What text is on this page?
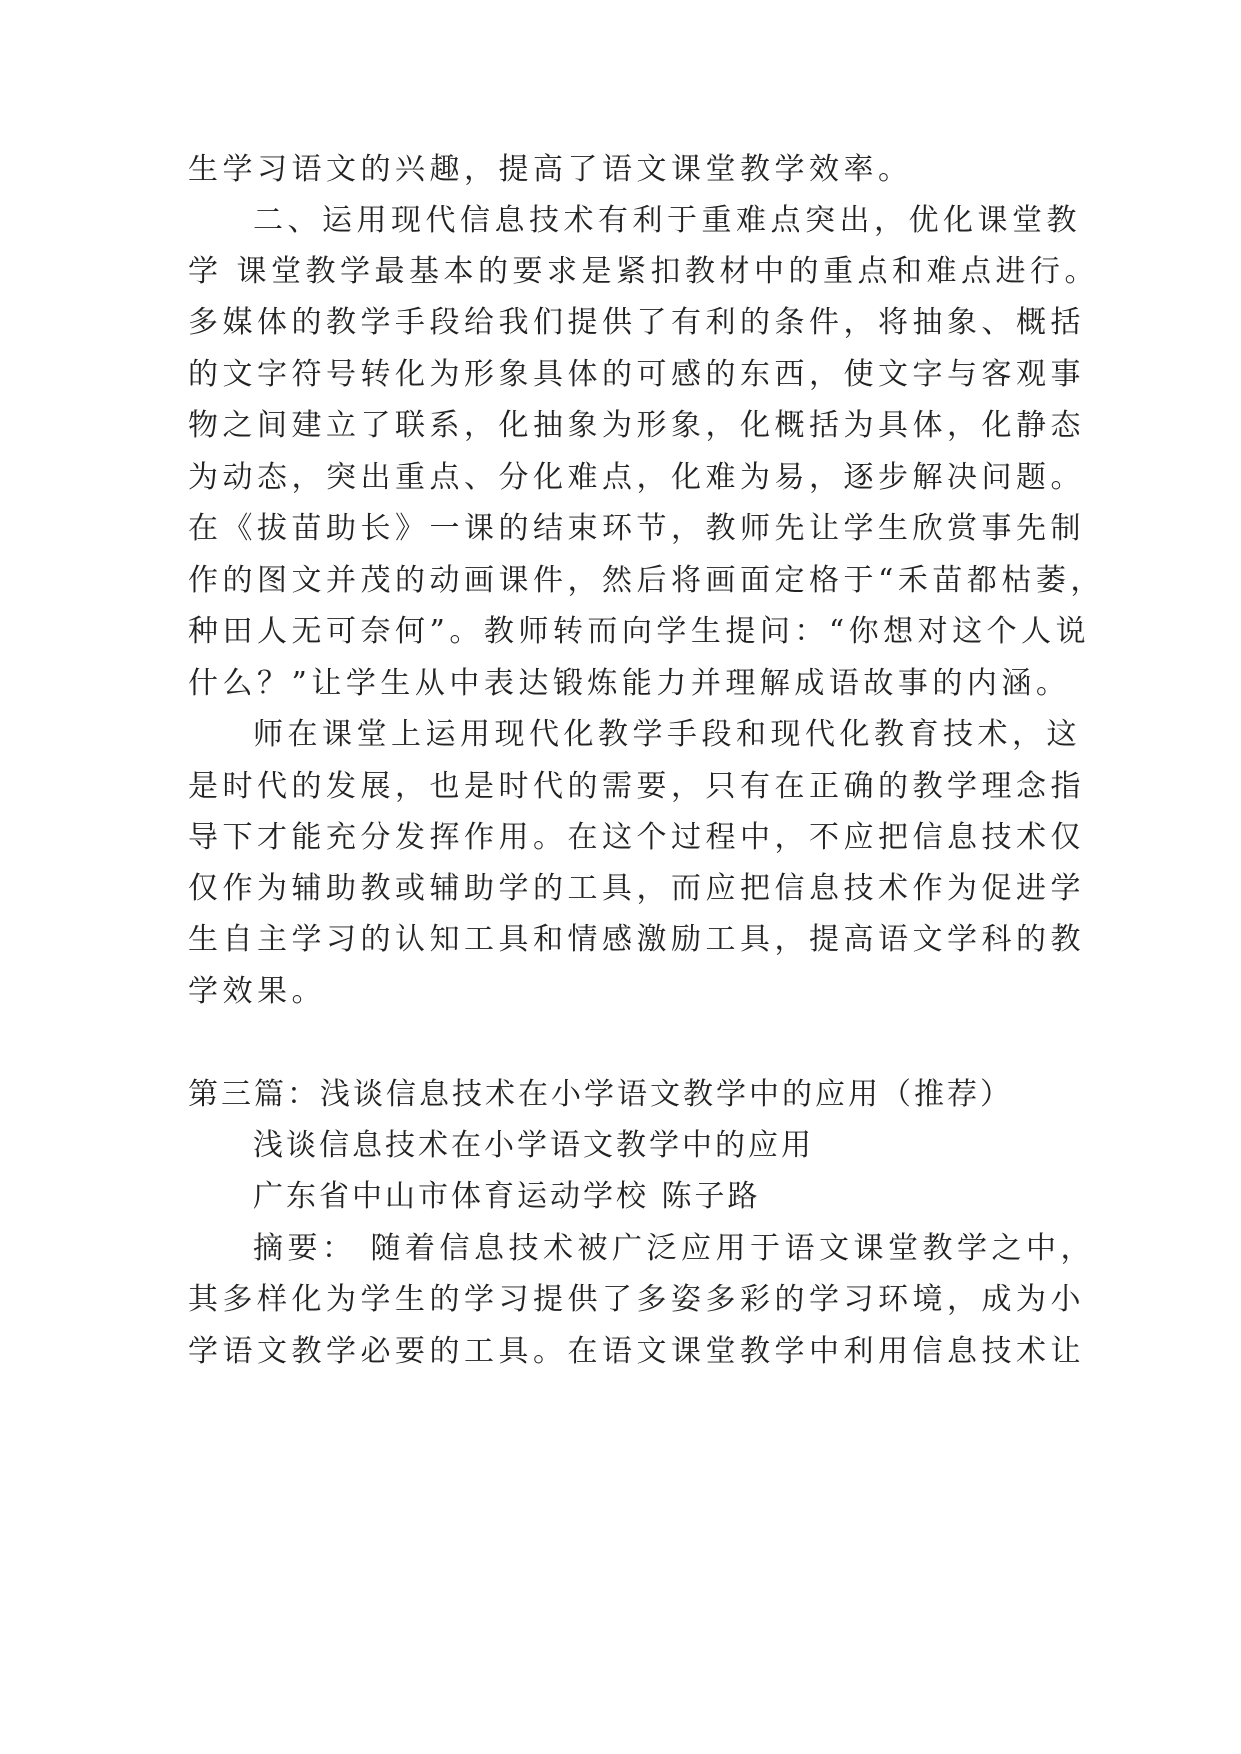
生学习语文的兴趣，提高了语文课堂教学效率。
二、运用现代信息技术有利于重难点突出，优化课堂教
学 课堂教学最基本的要求是紧扣教材中的重点和难点进行。
多媒体的教学手段给我们提供了有利的条件，将抽象、概括
的文字符号转化为形象具体的可感的东西，使文字与客观事
物之间建立了联系，化抽象为形象，化概括为具体，化静态
为动态，突出重点、分化难点，化难为易，逐步解决问题。
在《拔苗助长》一课的结束环节，教师先让学生欣赏事先制
作的图文并茂的动画课件，然后将画面定格于“禾苗都枯萎，
种田人无可奈何”。教师转而向学生提问：“你想对这个人说
什么？”让学生从中表达锻炼能力并理解成语故事的内涵。
师在课堂上运用现代化教学手段和现代化教育技术，这
是时代的发展，也是时代的需要，只有在正确的教学理念指
导下才能充分发挥作用。在这个过程中，不应把信息技术仅
仅作为辅助教或辅助学的工具，而应把信息技术作为促进学
生自主学习的认知工具和情感激励工具，提高语文学科的教
学效果。
第三篇：浅谈信息技术在小学语文教学中的应用（推荐）
浅谈信息技术在小学语文教学中的应用
广东省中山市体育运动学校 陈子路
摘要： 随着信息技术被广泛应用于语文课堂教学之中，
其多样化为学生的学习提供了多姿多彩的学习环境，成为小
学语文教学必要的工具。在语文课堂教学中利用信息技术让
